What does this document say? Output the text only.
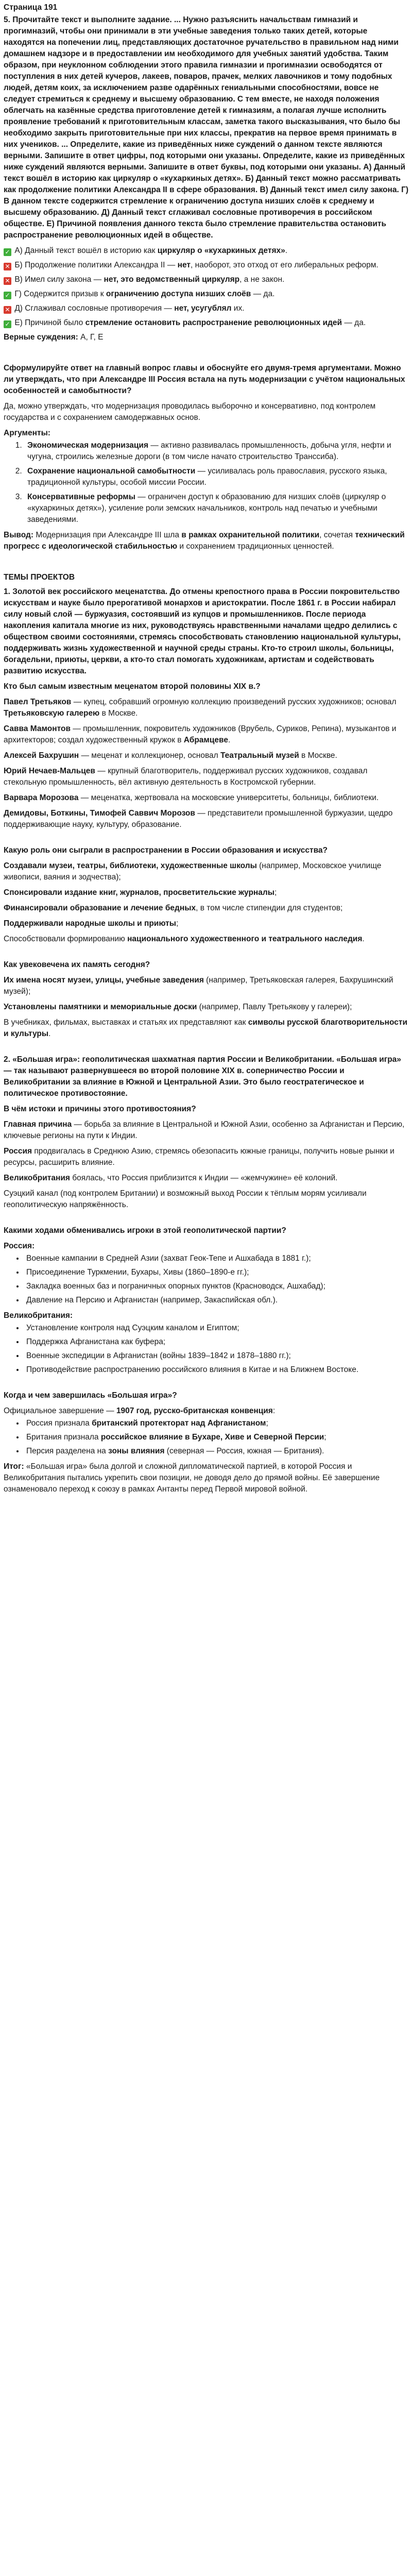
Страница 191

5. Прочитайте текст и выполните задание. ... Нужно разъяснить начальствам гимназий и прогимназий, чтобы они принимали в эти учебные заведения только таких детей, которые находятся на попечении лиц, представляющих достаточное ручательство в правильном над ними домашнем надзоре и в предоставлении им необходимого для учебных занятий удобства. Таким образом, при неуклонном соблюдении этого правила гимназии и прогимназии освободятся от поступления в них детей кучеров, лакеев, поваров, прачек, мелких лавочников и тому подобных людей, детям коих, за исключением разве одарённых гениальными способностями, вовсе не следует стремиться к среднему и высшему образованию. С тем вместе, не находя положения облегчать на казённые средства приготовление детей к гимназиям, а полагая лучше исполнить проявление требований к приготовительным классам, заметка такого высказывания, что было бы необходимо закрыть приготовительные при них классы, прекратив на первое время принимать в них учеников. ... Определите, какие из приведённых ниже суждений о данном тексте являются верными. Запишите в ответ цифры, под которыми они указаны. Определите, какие из приведённых ниже суждений являются верными. Запишите в ответ буквы, под которыми они указаны. А) Данный текст вошёл в историю как циркуляр о «кухаркиных детях». Б) Данный текст можно рассматривать как продолжение политики Александра II в сфере образования. В) Данный текст имел силу закона. Г) В данном тексте содержится стремление к ограничению доступа низших слоёв к среднему и высшему образованию. Д) Данный текст сглаживал сословные противоречия в российском обществе. Е) Причиной появления данного текста было стремление правительства остановить распространение революционных идей в обществе.

✓ А) Данный текст вошёл в историю как циркуляр о «кухаркиных детях».

✕ Б) Продолжение политики Александра II — нет, наоборот, это отход от его либеральных реформ.

✕ В) Имел силу закона — нет, это ведомственный циркуляр, а не закон.

✓ Г) Содержится призыв к ограничению доступа низших слоёв — да.

✕ Д) Сглаживал сословные противоречия — нет, усугублял их.

✓ Е) Причиной было стремление остановить распространение революционных идей — да.

Верные суждения: А, Г, Е

Сформулируйте ответ на главный вопрос главы и обоснуйте его двумя-тремя аргументами. Можно ли утверждать, что при Александре III Россия встала на путь модернизации с учётом национальных особенностей и самобытности?

Да, можно утверждать, что модернизация проводилась выборочно и консервативно, под контролем государства и с сохранением самодержавных основ.

Аргументы:

1. Экономическая модернизация — активно развивалась промышленность, добыча угля, нефти и чугуна, строились железные дороги (в том числе начато строительство Транссиба).
2. Сохранение национальной самобытности — усиливалась роль православия, русского языка, традиционной культуры, особой миссии России.
3. Консервативные реформы — ограничен доступ к образованию для низших слоёв (циркуляр о «кухаркиных детях»), усиление роли земских начальников, контроль над печатью и учебными заведениями.

Вывод: Модернизация при Александре III шла в рамках охранительной политики, сочетая технический прогресс с идеологической стабильностью и сохранением традиционных ценностей.

ТЕМЫ ПРОЕКТОВ

1. Золотой век российского меценатства. До отмены крепостного права в России покровительство искусствам и науке было прерогативой монархов и аристократии. После 1861 г. в России набирал силу новый слой — буржуазия, состоявший из купцов и промышленников. После периода накопления капитала многие из них, руководствуясь нравственными началами щедро делились с обществом своими состояниями, стремясь способствовать становлению национальной культуры, поддерживать жизнь художественной и научной среды страны. Кто-то строил школы, больницы, богадельни, приюты, церкви, а кто-то стал помогать художникам, артистам и содействовать развитию искусства.

Кто был самым известным меценатом второй половины XIX в.?

Павел Третьяков — купец, собравший огромную коллекцию произведений русских художников; основал Третьяковскую галерею в Москве.

Савва Мамонтов — промышленник, покровитель художников (Врубель, Суриков, Репина), музыкантов и архитекторов; создал художественный кружок в Абрамцеве.

Алексей Бахрушин — меценат и коллекционер, основал Театральный музей в Москве.

Юрий Нечаев-Мальцев — крупный благотворитель, поддерживал русских художников, создавал стекольную промышленность, вёл активную деятельность в Костромской губернии.

Варвара Морозова — меценатка, жертвовала на московские университеты, больницы, библиотеки.

Демидовы, Боткины, Тимофей Саввич Морозов — представители промышленной буржуазии, щедро поддерживающие науку, культуру, образование.

Какую роль они сыграли в распространении в России образования и искусства?

Создавали музеи, театры, библиотеки, художественные школы (например, Московское училище живописи, ваяния и зодчества);

Спонсировали издание книг, журналов, просветительские журналы;

Финансировали образование и лечение бедных, в том числе стипендии для студентов;

Поддерживали народные школы и приюты;

Способствовали формированию национального художественного и театрального наследия.

Как увековечена их память сегодня?

Их имена носят музеи, улицы, учебные заведения (например, Третьяковская галерея, Бахрушинский музей);

Установлены памятники и мемориальные доски (например, Павлу Третьякову у галереи);

В учебниках, фильмах, выставках и статьях их представляют как символы русской благотворительности и культуры.

2. «Большая игра»: геополитическая шахматная партия России и Великобритании. «Большая игра» — так называют развернувшееся во второй половине XIX в. соперничество России и Великобритании за влияние в Южной и Центральной Азии. Это было геостратегическое и политическое противостояние.

В чём истоки и причины этого противостояния?

Главная причина — борьба за влияние в Центральной и Южной Азии, особенно за Афганистан и Персию, ключевые регионы на пути к Индии.

Россия продвигалась в Среднюю Азию, стремясь обезопасить южные границы, получить новые рынки и ресурсы, расширить влияние.

Великобритания боялась, что Россия приблизится к Индии — «жемчужине» её колоний.

Суэцкий канал (под контролем Британии) и возможный выход России к тёплым морям усиливали геополитическую напряжённость.

Какими ходами обменивались игроки в этой геополитической партии?

Россия:

• Военные кампании в Средней Азии (захват Геок-Тепе и Ашхабада в 1881 г.);
• Присоединение Туркмении, Бухары, Хивы (1860–1890-е гг.);
• Закладка военных баз и пограничных опорных пунктов (Красноводск, Ашхабад);
• Давление на Персию и Афганистан (например, Закаспийская обл.).

Великобритания:

• Установление контроля над Суэцким каналом и Египтом;
• Поддержка Афганистана как буфера;
• Военные экспедиции в Афганистан (войны 1839–1842 и 1878–1880 гг.);
• Противодействие распространению российского влияния в Китае и на Ближнем Востоке.

Когда и чем завершилась «Большая игра»?

Официальное завершение — 1907 год, русско-британская конвенция:

• Россия признала британский протекторат над Афганистаном;
• Британия признала российское влияние в Бухаре, Хиве и Северной Персии;
• Персия разделена на зоны влияния (северная — Россия, южная — Британия).

Итог: «Большая игра» была долгой и сложной дипломатической партией, в которой Россия и Великобритания пытались укрепить свои позиции, не доводя дело до прямой войны. Её завершение ознаменовало переход к союзу в рамках Антанты перед Первой мировой войной.
